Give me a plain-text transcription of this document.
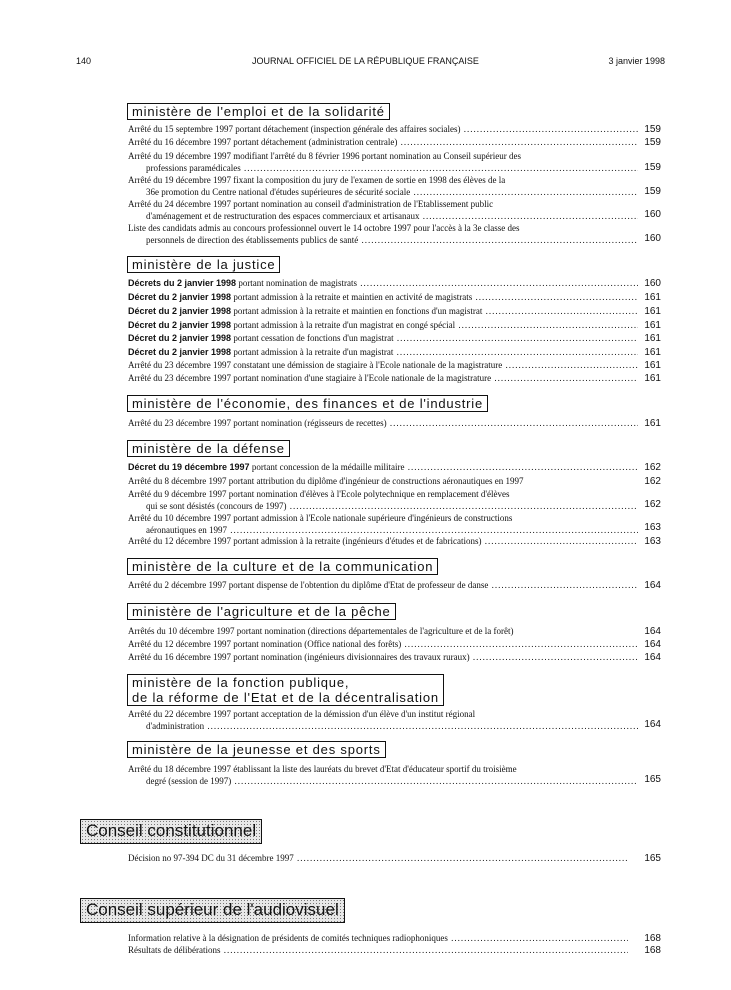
140	JOURNAL OFFICIEL DE LA RÉPUBLIQUE FRANÇAISE	3 janvier 1998
ministère de l'emploi et de la solidarité
Arrêté du 15 septembre 1997 portant détachement (inspection générale des affaires sociales) .....	159
Arrêté du 16 décembre 1997 portant détachement (administration centrale) .....	159
Arrêté du 19 décembre 1997 modifiant l'arrêté du 8 février 1996 portant nomination au Conseil supérieur des
professions paramédicales .....	159
Arrêté du 19 décembre 1997 fixant la composition du jury de l'examen de sortie en 1998 des élèves de la
36e promotion du Centre national d'études supérieures de sécurité sociale .....	159
Arrêté du 24 décembre 1997 portant nomination au conseil d'administration de l'Etablissement public
d'aménagement et de restructuration des espaces commerciaux et artisanaux .....	160
Liste des candidats admis au concours professionnel ouvert le 14 octobre 1997 pour l'accès à la 3e classe des
personnels de direction des établissements publics de santé .....	160
ministère de la justice
Décrets du 2 janvier 1998 portant nomination de magistrats .....	160
Décret du 2 janvier 1998 portant admission à la retraite et maintien en activité de magistrats .....	161
Décret du 2 janvier 1998 portant admission à la retraite et maintien en fonctions d'un magistrat .....	161
Décret du 2 janvier 1998 portant admission à la retraite d'un magistrat en congé spécial .....	161
Décret du 2 janvier 1998 portant cessation de fonctions d'un magistrat .....	161
Décret du 2 janvier 1998 portant admission à la retraite d'un magistrat .....	161
Arrêté du 23 décembre 1997 constatant une démission de stagiaire à l'Ecole nationale de la magistrature .....	161
Arrêté du 23 décembre 1997 portant nomination d'une stagiaire à l'Ecole nationale de la magistrature .....	161
ministère de l'économie, des finances et de l'industrie
Arrêté du 23 décembre 1997 portant nomination (régisseurs de recettes) .....	161
ministère de la défense
Décret du 19 décembre 1997 portant concession de la médaille militaire .....	162
Arrêté du 8 décembre 1997 portant attribution du diplôme d'ingénieur de constructions aéronautiques en 1997	162
Arrêté du 9 décembre 1997 portant nomination d'élèves à l'Ecole polytechnique en remplacement d'élèves
qui se sont désistés (concours de 1997) .....	162
Arrêté du 10 décembre 1997 portant admission à l'Ecole nationale supérieure d'ingénieurs de constructions
aéronautiques en 1997 .....	163
Arrêté du 12 décembre 1997 portant admission à la retraite (ingénieurs d'études et de fabrications) .....	163
ministère de la culture et de la communication
Arrêté du 2 décembre 1997 portant dispense de l'obtention du diplôme d'Etat de professeur de danse .....	164
ministère de l'agriculture et de la pêche
Arrêtés du 10 décembre 1997 portant nomination (directions départementales de l'agriculture et de la forêt)	164
Arrêté du 12 décembre 1997 portant nomination (Office national des forêts) .....	164
Arrêté du 16 décembre 1997 portant nomination (ingénieurs divisionnaires des travaux ruraux) .....	164
ministère de la fonction publique,
de la réforme de l'Etat et de la décentralisation
Arrêté du 22 décembre 1997 portant acceptation de la démission d'un élève d'un institut régional
d'administration .....	164
ministère de la jeunesse et des sports
Arrêté du 18 décembre 1997 établissant la liste des lauréats du brevet d'Etat d'éducateur sportif du troisième
degré (session de 1997) .....	165
Conseil constitutionnel
Décision no 97-394 DC du 31 décembre 1997 .....	165
Conseil supérieur de l'audiovisuel
Information relative à la désignation de présidents de comités techniques radiophoniques .....	168
Résultats de délibérations .....	168
